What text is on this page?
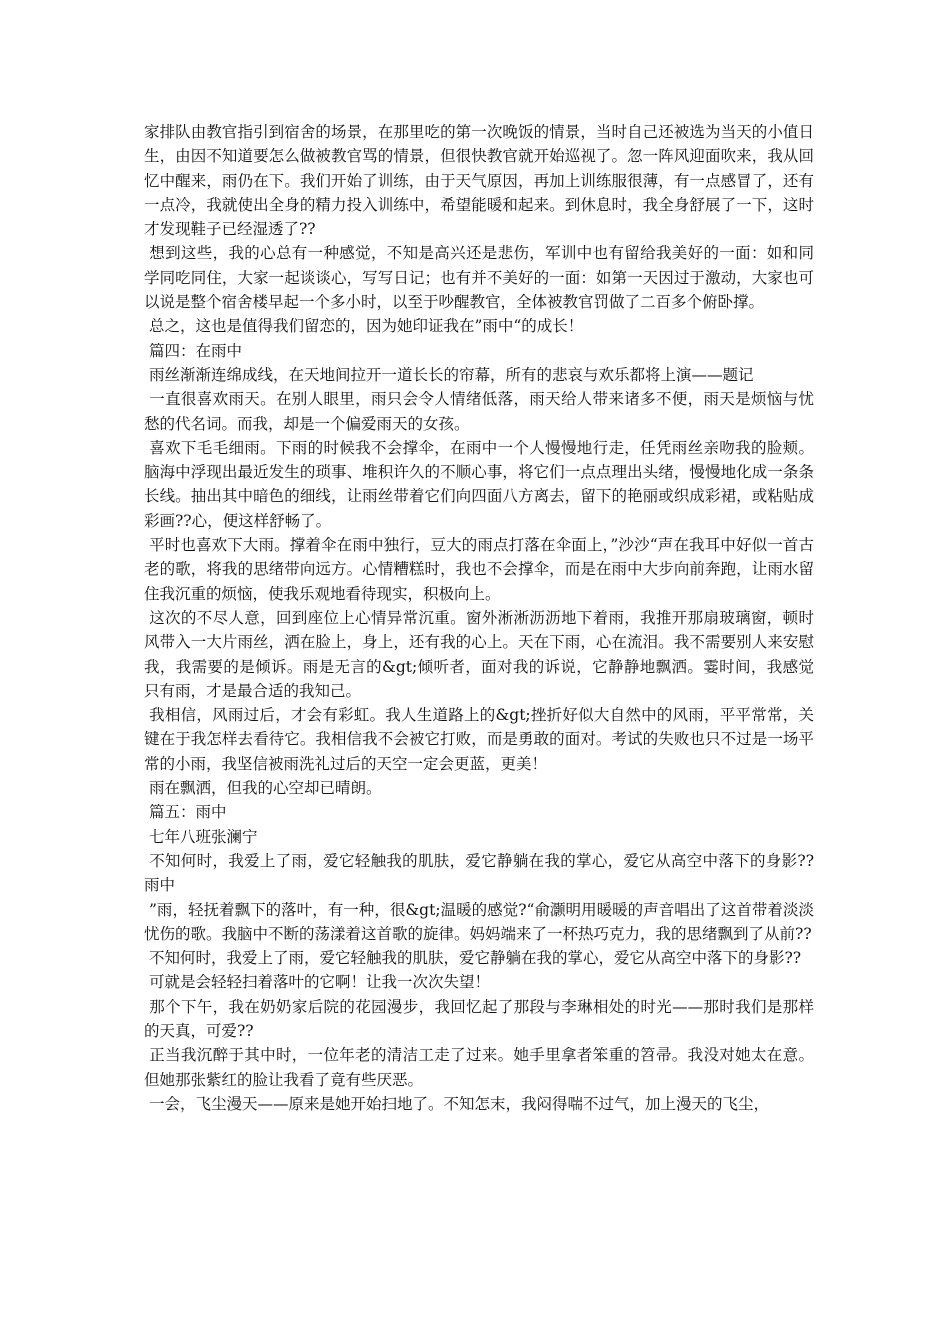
家排队由教官指引到宿舍的场景，在那里吃的第一次晚饭的情景，当时自己还被选为当天的小值日生，由因不知道要怎么做被教官骂的情景，但很快教官就开始巡视了。忽一阵风迎面吹来，我从回忆中醒来，雨仍在下。我们开始了训练，由于天气原因，再加上训练服很薄，有一点感冒了，还有一点冷，我就使出全身的精力投入训练中，希望能暖和起来。到休息时，我全身舒展了一下，这时才发现鞋子已经湿透了??

想到这些，我的心总有一种感觉，不知是高兴还是悲伤，军训中也有留给我美好的一面：如和同学同吃同住，大家一起谈谈心，写写日记；也有并不美好的一面：如第一天因过于激动，大家也可以说是整个宿舍楼早起一个多小时，以至于吵醒教官，全体被教官罚做了二百多个俯卧撑。

总之，这也是值得我们留恋的，因为她印证我在”雨中“的成长！

篇四：在雨中

雨丝渐渐连绵成线，在天地间拉开一道长长的帘幕，所有的悲哀与欢乐都将上演——题记

一直很喜欢雨天。在别人眼里，雨只会令人情绪低落，雨天给人带来诸多不便，雨天是烦恼与忧愁的代名词。而我，却是一个偏爱雨天的女孩。

喜欢下毛毛细雨。下雨的时候我不会撑伞，在雨中一个人慢慢地行走，任凭雨丝亲吻我的脸颊。脑海中浮现出最近发生的琐事、堆积许久的不顺心事，将它们一点点理出头绪，慢慢地化成一条条长线。抽出其中暗色的细线，让雨丝带着它们向四面八方离去，留下的艳丽或织成彩裙，或粘贴成彩画??心，便这样舒畅了。

平时也喜欢下大雨。撑着伞在雨中独行，豆大的雨点打落在伞面上，”沙沙“声在我耳中好似一首古老的歌，将我的思绪带向远方。心情糟糕时，我也不会撑伞，而是在雨中大步向前奔跑，让雨水留住我沉重的烦恼，使我乐观地看待现实，积极向上。

这次的不尽人意，回到座位上心情异常沉重。窗外淅淅沥沥地下着雨，我推开那扇玻璃窗，顿时风带入一大片雨丝，洒在脸上，身上，还有我的心上。天在下雨，心在流泪。我不需要别人来安慰我，我需要的是倾诉。雨是无言的&gt;倾听者，面对我的诉说，它静静地飘洒。霎时间，我感觉只有雨，才是最合适的我知己。

我相信，风雨过后，才会有彩虹。我人生道路上的&gt;挫折好似大自然中的风雨，平平常常，关键在于我怎样去看待它。我相信我不会被它打败，而是勇敢的面对。考试的失败也只不过是一场平常的小雨，我坚信被雨洗礼过后的天空一定会更蓝，更美！

雨在飘洒，但我的心空却已晴朗。

篇五：雨中

七年八班张澜宁

不知何时，我爱上了雨，爱它轻触我的肌肤，爱它静躺在我的掌心，爱它从高空中落下的身影?? 雨中

”雨，轻抚着飘下的落叶，有一种，很&gt;温暖的感觉?“俞灏明用暖暖的声音唱出了这首带着淡淡忧伤的歌。我脑中不断的荡漾着这首歌的旋律。妈妈端来了一杯热巧克力，我的思绪飘到了从前??

不知何时，我爱上了雨，爱它轻触我的肌肤，爱它静躺在我的掌心，爱它从高空中落下的身影??

可就是会轻轻扫着落叶的它啊！让我一次次失望！

那个下午，我在奶奶家后院的花园漫步，我回忆起了那段与李琳相处的时光——那时我们是那样的天真，可爱??

正当我沉醉于其中时，一位年老的清洁工走了过来。她手里拿者笨重的笤帚。我没对她太在意。但她那张紫红的脸让我看了竟有些厌恶。

一会，飞尘漫天——原来是她开始扫地了。不知怎末，我闷得喘不过气，加上漫天的飞尘，
